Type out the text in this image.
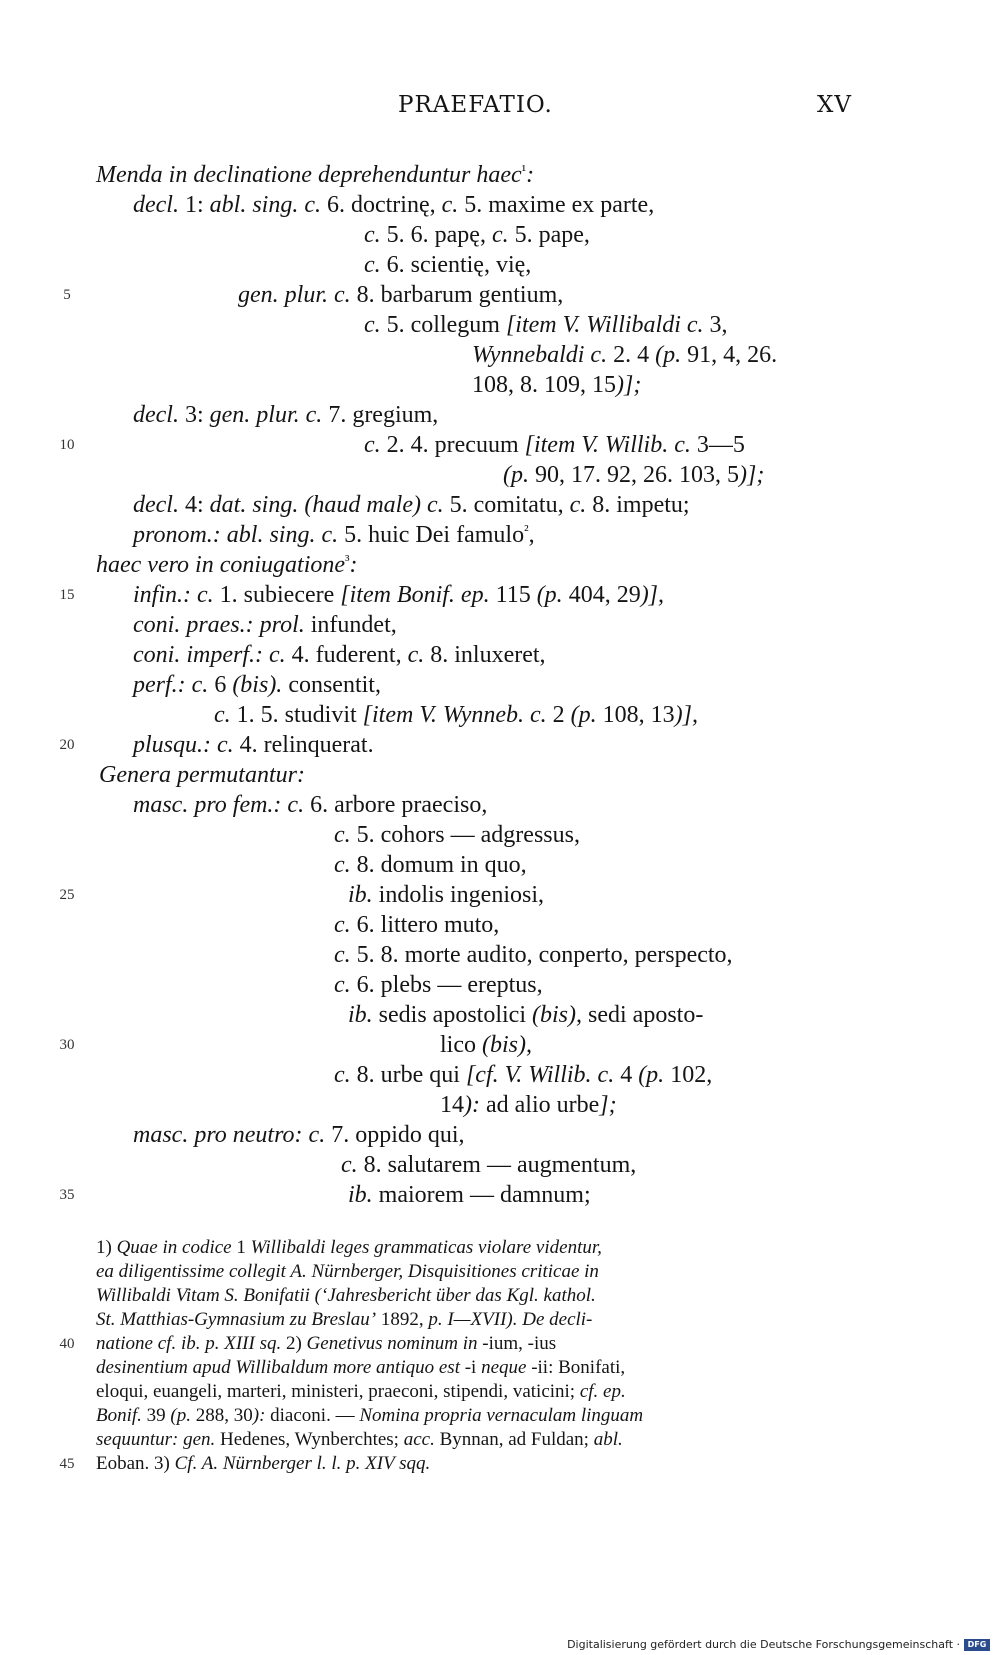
PRAEFATIO.	XV
Menda in declinatione deprehenduntur haec$^{^1}$:
decl. 1: abl. sing. c. 6. doctrinę, c. 5. maxime ex parte,
c. 5. 6. papę, c. 5. pape,
c. 6. scientię, vię,
5	gen. plur. c. 8. barbarum gentium,
c. 5. collegum [item V. Willibaldi c. 3,
Wynnebaldi c. 2. 4 (p. 91, 4, 26.
108, 8. 109, 15)];
decl. 3: gen. plur. c. 7. gregium,
10	c. 2. 4. precuum [item V. Willib. c. 3—5
(p. 90, 17. 92, 26. 103, 5)];
decl. 4: dat. sing. (haud male) c. 5. comitatu, c. 8. impetu;
pronom.: abl. sing. c. 5. huic Dei famulo$^{^2}$,
haec vero in coniugatione$^{^3}$:
15	infin.: c. 1. subiecere [item Bonif. ep. 115 (p. 404, 29)],
coni. praes.: prol. infundet,
coni. imperf.: c. 4. fuderent, c. 8. inluxeret,
perf.: c. 6 (bis). consentit,
c. 1. 5. studivit [item V. Wynneb. c. 2 (p. 108, 13)],
20	plusqu.: c. 4. relinquerat.
Genera permutantur:
masc. pro fem.: c. 6. arbore praeciso,
c. 5. cohors — adgressus,
c. 8. domum in quo,
25	ib. indolis ingeniosi,
c. 6. littero muto,
c. 5. 8. morte audito, conperto, perspecto,
c. 6. plebs — ereptus,
ib. sedis apostolici (bis), sedi apostо-
30	lico (bis),
c. 8. urbe qui [cf. V. Willib. c. 4 (p. 102,
14): ad alio urbe];
masc. pro neutro: c. 7. oppido qui,
c. 8. salutarem — augmentum,
35	ib. maiorem — damnum;
1) Quae in codice 1 Willibaldi leges grammaticas violare videntur,
ea diligentissime collegit A. Nürnberger, Disquisitiones criticae in
Willibaldi Vitam S. Bonifatii (‘Jahresbericht über das Kgl. kathol.
St. Matthias-Gymnasium zu Breslau’ 1892, p. I—XVII). De decli-
40	natione cf. ib. p. XIII sq. 2) Genetivus nominum in -ium, -ius
desinentium apud Willibaldum more antiquo est -i neque -ii: Bonifati,
eloqui, euangeli, marteri, ministeri, praeconi, stipendi, vaticini; cf. ep.
Bonif. 39 (p. 288, 30): diaconi. — Nomina propria vernaculam linguam
sequuntur: gen. Hedenes, Wynberchtes; acc. Bynnan, ad Fuldan; abl.
45	Eoban. 3) Cf. A. Nürnberger l. l. p. XIV sqq.
Digitalisierung gefördert durch die Deutsche Forschungsgemeinschaft · DFG
